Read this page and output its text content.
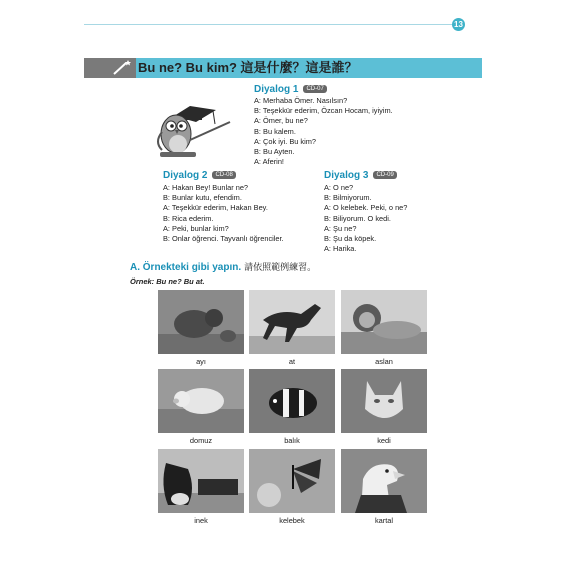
13
Bu ne? Bu kim? 這是什麼？這是誰？
Diyalog 1 CD-07
A: Merhaba Ömer. Nasılsın?
B: Teşekkür ederim, Özcan Hocam, iyiyim.
A: Ömer, bu ne?
B: Bu kalem.
A: Çok iyi. Bu kim?
B: Bu Ayten.
A: Aferin!
Diyalog 2 CD-08
A: Hakan Bey! Bunlar ne?
B: Bunlar kutu, efendim.
A: Teşekkür ederim, Hakan Bey.
B: Rica ederim.
A: Peki, bunlar kim?
B: Onlar öğrenci. Tayvanlı öğrenciler.
Diyalog 3 CD-09
A: O ne?
B: Bilmiyorum.
A: O kelebek. Peki, o ne?
B: Biliyorum. O kedi.
A: Şu ne?
B: Şu da köpek.
A: Harika.
A. Örnekteki gibi yapın. 請依照範例練習。
Örnek: Bu ne? Bu at.
ayı	at	aslan
domuz	balık	kedi
inek	kelebek	kartal
